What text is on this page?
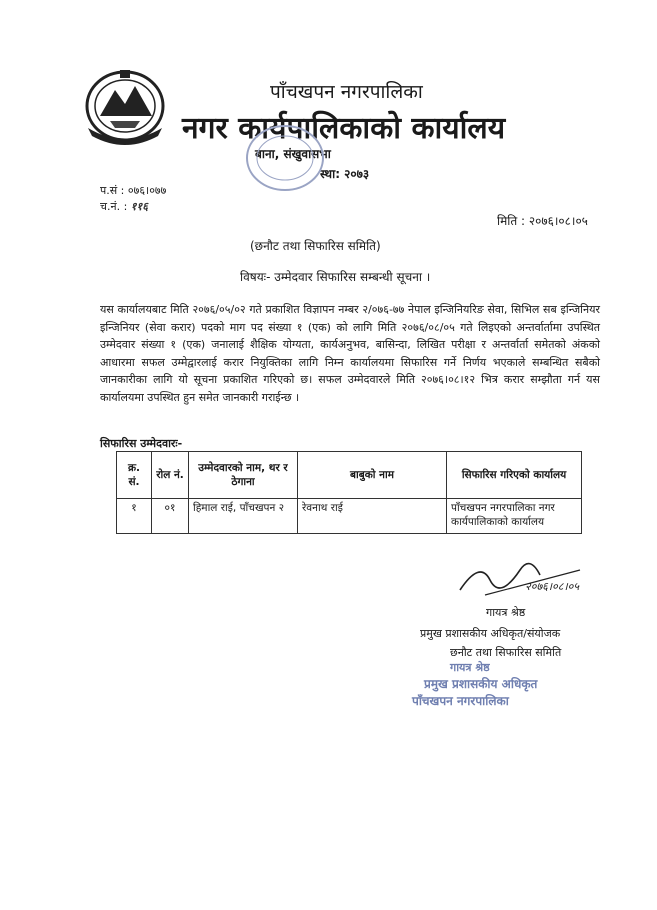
पाँचखपन नगरपालिका
नगर कार्यपालिकाको कार्यालय
बाना, संखुवासभा
स्था: २०७३
प.सं : ०७६।०७७
च.नं. : ११६
मिति : २०७६।०८।०५
(छनौट तथा सिफारिस समिति)
विषयः- उम्मेदवार सिफारिस सम्बन्धी सूचना ।
यस कार्यालयबाट मिति २०७६/०५/०२ गते प्रकाशित विज्ञापन नम्बर २/०७६-७७ नेपाल इन्जिनियरिङ सेवा, सिभिल सब इन्जिनियर इन्जिनियर (सेवा करार) पदको माग पद संख्या १ (एक) को लागि मिति २०७६/०८/०५ गते लिइएको अन्तर्वार्तामा उपस्थित उम्मेदवार संख्या १ (एक) जनालाई शैक्षिक योग्यता, कार्यअनुभव, बासिन्दा, लिखित परीक्षा र अन्तर्वार्ता समेतको अंकको आधारमा सफल उम्मेद्वारलाई करार नियुक्तिका लागि निम्न कार्यालयमा सिफारिस गर्ने निर्णय भएकाले सम्बन्धित सबैको जानकारीका लागि यो सूचना प्रकाशित गरिएको छ। सफल उम्मेदवारले मिति २०७६।०८।१२ भित्र करार सम्झौता गर्न यस कार्यालयमा उपस्थित हुन समेत जानकारी गराईन्छ ।
सिफारिस उम्मेदवारः-
क्र. सं.	रोल नं.	उम्मेदवारको नाम, थर र ठेगाना	बाबुको नाम	सिफारिस गरिएको कार्यालय
१	०१	हिमाल राई, पाँचखपन २	रेवनाथ राई	पाँचखपन नगरपालिका नगर कार्यपालिकाको कार्यालय
२०७६।०८।०५
गायत्र श्रेष्ठ
प्रमुख प्रशासकीय अधिकृत/संयोजक
छनौट तथा सिफारिस समिति
गायत्र श्रेष्ठ
प्रमुख प्रशासकीय अधिकृत
पाँचखपन नगरपालिका
